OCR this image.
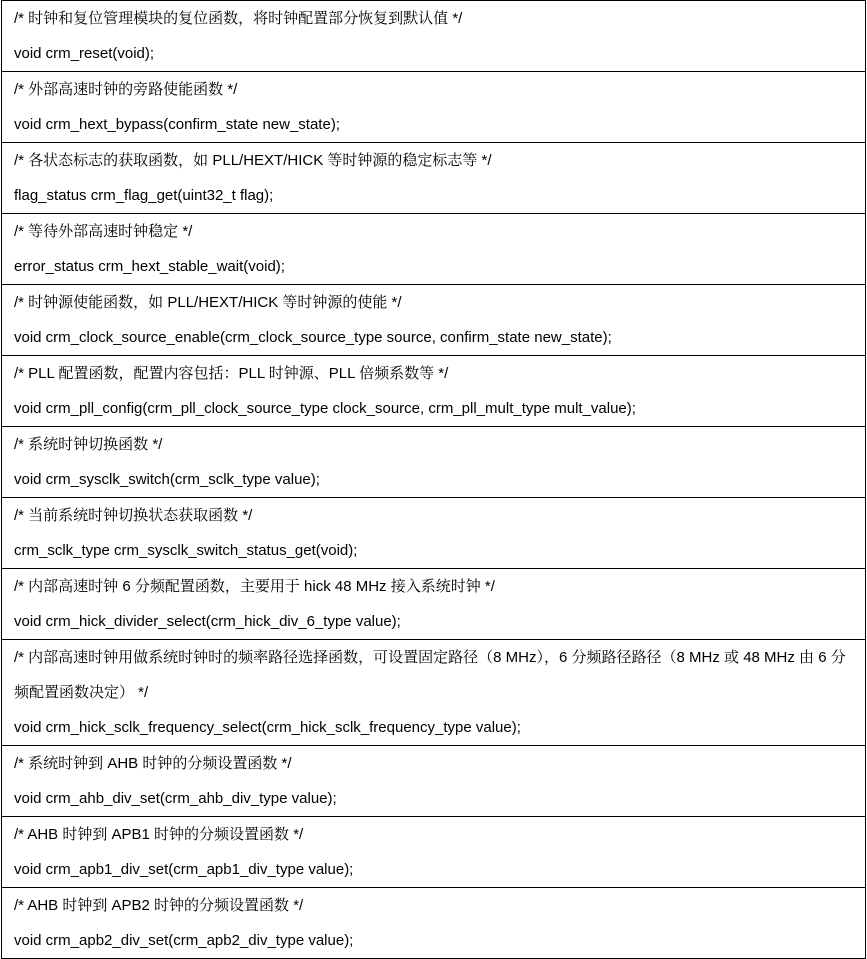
/* 时钟和复位管理模块的复位函数，将时钟配置部分恢复到默认值 */
void crm_reset(void);

/* 外部高速时钟的旁路使能函数 */
void crm_hext_bypass(confirm_state new_state);

/* 各状态标志的获取函数，如 PLL/HEXT/HICK 等时钟源的稳定标志等 */
flag_status crm_flag_get(uint32_t flag);

/* 等待外部高速时钟稳定 */
error_status crm_hext_stable_wait(void);

/* 时钟源使能函数，如 PLL/HEXT/HICK 等时钟源的使能 */
void crm_clock_source_enable(crm_clock_source_type source, confirm_state new_state);

/* PLL 配置函数，配置内容包括：PLL 时钟源、PLL 倍频系数等 */
void crm_pll_config(crm_pll_clock_source_type clock_source, crm_pll_mult_type mult_value);

/* 系统时钟切换函数 */
void crm_sysclk_switch(crm_sclk_type value);

/* 当前系统时钟切换状态获取函数 */
crm_sclk_type crm_sysclk_switch_status_get(void);

/* 内部高速时钟 6 分频配置函数，主要用于 hick 48 MHz 接入系统时钟 */
void crm_hick_divider_select(crm_hick_div_6_type value);

/* 内部高速时钟用做系统时钟时的频率路径选择函数，可设置固定路径（8 MHz），6 分频路径路径（8 MHz 或 48 MHz 由 6 分频配置函数决定） */
void crm_hick_sclk_frequency_select(crm_hick_sclk_frequency_type value);

/* 系统时钟到 AHB 时钟的分频设置函数 */
void crm_ahb_div_set(crm_ahb_div_type value);

/* AHB 时钟到 APB1 时钟的分频设置函数 */
void crm_apb1_div_set(crm_apb1_div_type value);

/* AHB 时钟到 APB2 时钟的分频设置函数 */
void crm_apb2_div_set(crm_apb2_div_type value);
